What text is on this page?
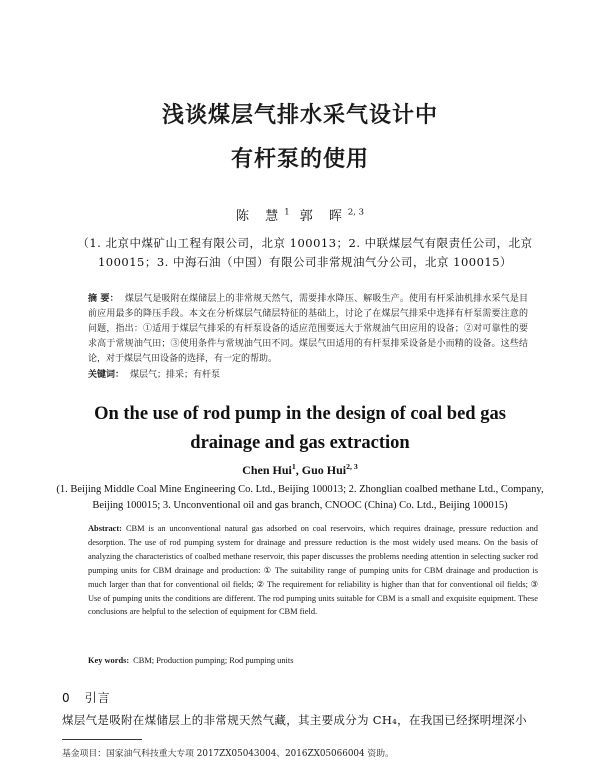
浅谈煤层气排水采气设计中
有杆泵的使用
陈 慧$^1$ 郭 晖$^{2, 3}$
（1. 北京中煤矿山工程有限公司，北京 100013；2. 中联煤层气有限责任公司，北京 100015；3. 中海石油（中国）有限公司非常规油气分公司，北京 100015）
摘 要： 煤层气是吸附在煤储层上的非常规天然气，需要排水降压、解吸生产。使用有杆采油机排水采气是目前应用最多的降压手段。本文在分析煤层气储层特征的基础上，讨论了在煤层气排采中选择有杆泵需要注意的问题，指出：①适用于煤层气排采的有杆泵设备的适应范围要远大于常规油气田应用的设备；②对可靠性的要求高于常规油气田；③使用条件与常规油气田不同。煤层气田适用的有杆泵排采设备是小而精的设备。这些结论，对于煤层气田设备的选择，有一定的帮助。
关键词： 煤层气；排采；有杆泵
On the use of rod pump in the design of coal bed gas
drainage and gas extraction
Chen Hui$^1$, Guo Hui$^{2, 3}$
(1. Beijing Middle Coal Mine Engineering Co. Ltd., Beijing 100013; 2. Zhonglian coalbed methane Ltd., Company, Beijing 100015; 3. Unconventional oil and gas branch, CNOOC (China) Co. Ltd., Beijing 100015)
Abstract: CBM is an unconventional natural gas adsorbed on coal reservoirs, which requires drainage, pressure reduction and desorption. The use of rod pumping system for drainage and pressure reduction is the most widely used means. On the basis of analyzing the characteristics of coalbed methane reservoir, this paper discusses the problems needing attention in selecting sucker rod pumping units for CBM drainage and production: ① The suitability range of pumping units for CBM drainage and production is much larger than that for conventional oil fields; ② The requirement for reliability is higher than that for conventional oil fields; ③ Use of pumping units the conditions are different. The rod pumping units suitable for CBM is a small and exquisite equipment. These conclusions are helpful to the selection of equipment for CBM field.
Key words: CBM; Production pumping; Rod pumping units
0 引言
煤层气是吸附在煤储层上的非常规天然气藏，其主要成分为 CH₄，在我国已经探明埋深小
基金项目：国家油气科技重大专项 2017ZX05043004、2016ZX05066004 资助。
